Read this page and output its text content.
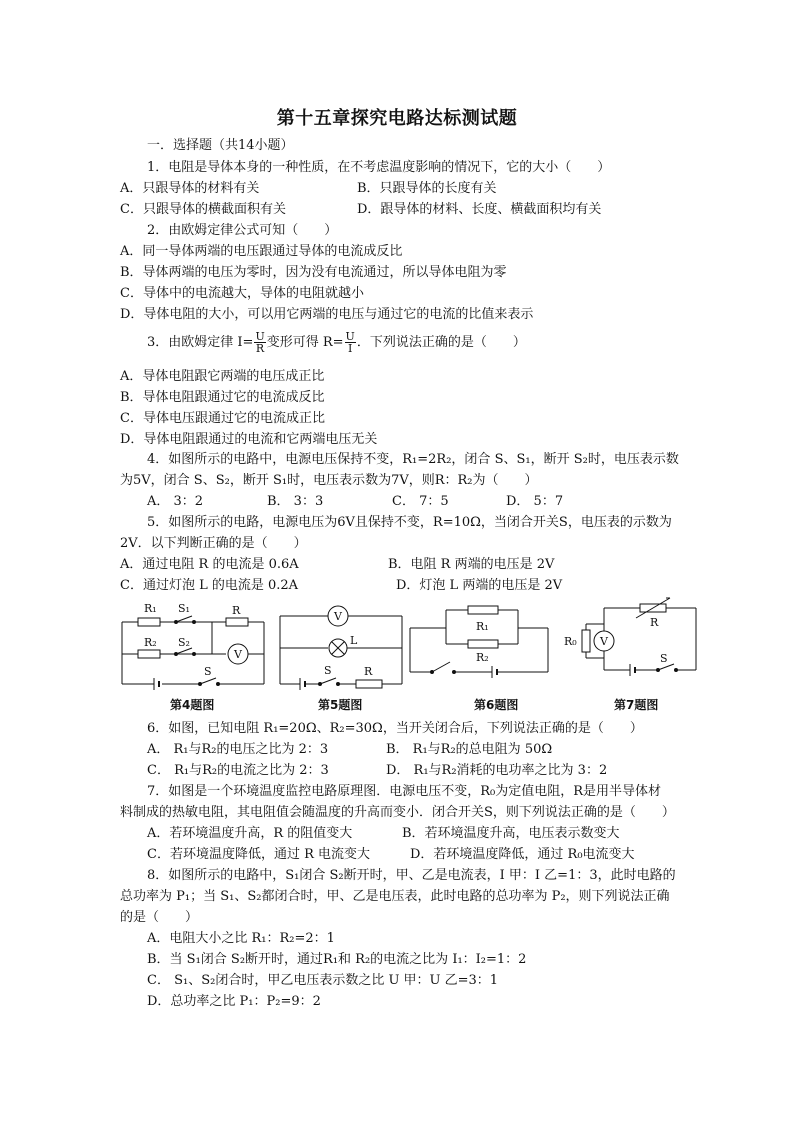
第十五章探究电路达标测试题
一．选择题（共14小题）
1．电阻是导体本身的一种性质，在不考虑温度影响的情况下，它的大小（　　）
A．只跟导体的材料有关	B．只跟导体的长度有关
C．只跟导体的横截面积有关	D．跟导体的材料、长度、横截面积均有关
2．由欧姆定律公式可知（　　）
A．同一导体两端的电压跟通过导体的电流成反比
B．导体两端的电压为零时，因为没有电流通过，所以导体电阻为零
C．导体中的电流越大，导体的电阻就越小
D．导体电阻的大小，可以用它两端的电压与通过它的电流的比值来表示
3．由欧姆定律 $I= \frac{U}{R}$ 变形可得 $R= \frac{U}{I}$ ．下列说法正确的是（　　）
A．导体电阻跟它两端的电压成正比
B．导体电阻跟通过它的电流成反比
C．导体电压跟通过它的电流成正比
D．导体电阻跟通过的电流和它两端电压无关
4．如图所示的电路中，电源电压保持不变，R₁=2R₂，闭合 S、S₁，断开 S₂时，电压表示数
为5V，闭合 S、S₂，断开 S₁时，电压表示数为7V，则R：R₂为（　　）
A． 3：2	B． 3：3	C． 7：5	D． 5：7
5．如图所示的电路，电源电压为6V且保持不变，R=10Ω，当闭合开关S，电压表的示数为
2V．以下判断正确的是（　　）
A．通过电阻 R 的电流是 0.6A	B．电阻 R 两端的电压是 2V
C．通过灯泡 L 的电流是 0.2A	D．灯泡 L 两端的电压是 2V
R₁ S₁	R
R₂ S₂
V
S
第4题图
V
L
S	R
第5题图
R₁
R₂
第6题图
R
R₀ V
S
第7题图
6．如图，已知电阻 R₁=20Ω、R₂=30Ω，当开关闭合后，下列说法正确的是（　　）
A． R₁与R₂的电压之比为 2：3	B． R₁与R₂的总电阻为 50Ω
C． R₁与R₂的电流之比为 2：3	D． R₁与R₂消耗的电功率之比为 3：2
7．如图是一个环境温度监控电路原理图．电源电压不变，R₀为定值电阻，R是用半导体材
料制成的热敏电阻，其电阻值会随温度的升高而变小．闭合开关S，则下列说法正确的是（　　）
A．若环境温度升高，R 的阻值变大	B．若环境温度升高，电压表示数变大
C．若环境温度降低，通过 R 电流变大	D．若环境温度降低，通过 R₀电流变大
8．如图所示的电路中，S₁闭合 S₂断开时，甲、乙是电流表，I 甲：I 乙=1：3，此时电路的
总功率为 P₁；当 S₁、S₂都闭合时，甲、乙是电压表，此时电路的总功率为 P₂，则下列说法正确
的是（　　）
A．电阻大小之比 R₁：R₂=2：1
B．当 S₁闭合 S₂断开时，通过R₁和 R₂的电流之比为 I₁：I₂=1：2
C． S₁、S₂闭合时，甲乙电压表示数之比 U 甲：U 乙=3：1
D．总功率之比 P₁：P₂=9：2
